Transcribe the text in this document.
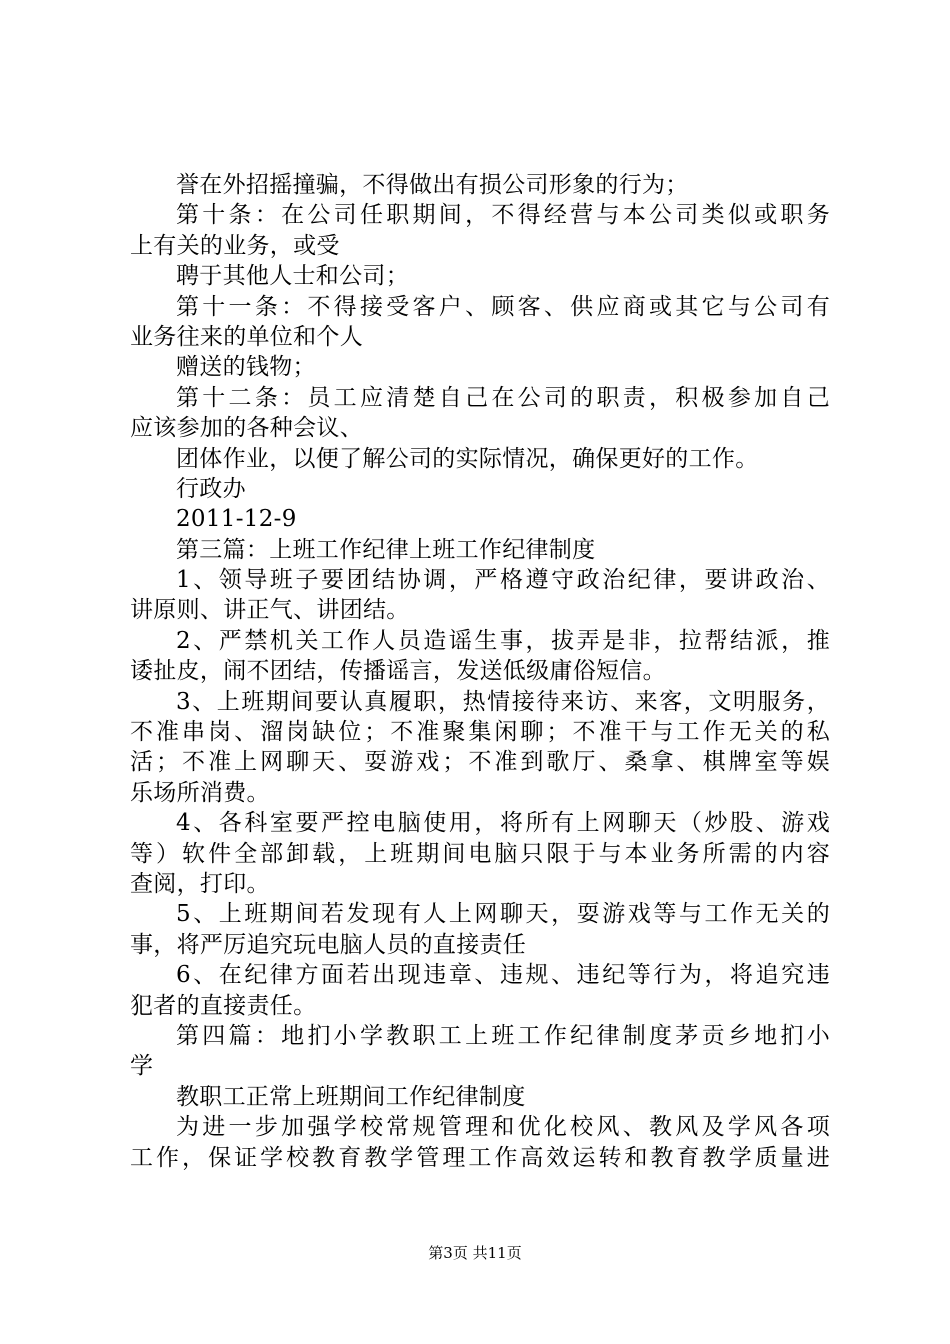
誉在外招摇撞骗，不得做出有损公司形象的行为；
第十条：在公司任职期间，不得经营与本公司类似或职务
上有关的业务，或受
聘于其他人士和公司；
第十一条：不得接受客户、顾客、供应商或其它与公司有
业务往来的单位和个人
赠送的钱物；
第十二条：员工应清楚自己在公司的职责，积极参加自己
应该参加的各种会议、
团体作业，以便了解公司的实际情况，确保更好的工作。
行政办
2011-12-9
第三篇：上班工作纪律上班工作纪律制度
1、领导班子要团结协调，严格遵守政治纪律，要讲政治、
讲原则、讲正气、讲团结。
2、严禁机关工作人员造谣生事，拔弄是非，拉帮结派，推
诿扯皮，闹不团结，传播谣言，发送低级庸俗短信。
3、上班期间要认真履职，热情接待来访、来客，文明服务，
不准串岗、溜岗缺位；不准聚集闲聊；不准干与工作无关的私
活；不准上网聊天、耍游戏；不准到歌厅、桑拿、棋牌室等娱
乐场所消费。
4、各科室要严控电脑使用，将所有上网聊天（炒股、游戏
等）软件全部卸载，上班期间电脑只限于与本业务所需的内容
查阅，打印。
5、上班期间若发现有人上网聊天，耍游戏等与工作无关的
事，将严厉追究玩电脑人员的直接责任
6、在纪律方面若出现违章、违规、违纪等行为，将追究违
犯者的直接责任。
第四篇：地扪小学教职工上班工作纪律制度茅贡乡地扪小
学
教职工正常上班期间工作纪律制度
为进一步加强学校常规管理和优化校风、教风及学风各项
工作，保证学校教育教学管理工作高效运转和教育教学质量进
第3页 共11页
